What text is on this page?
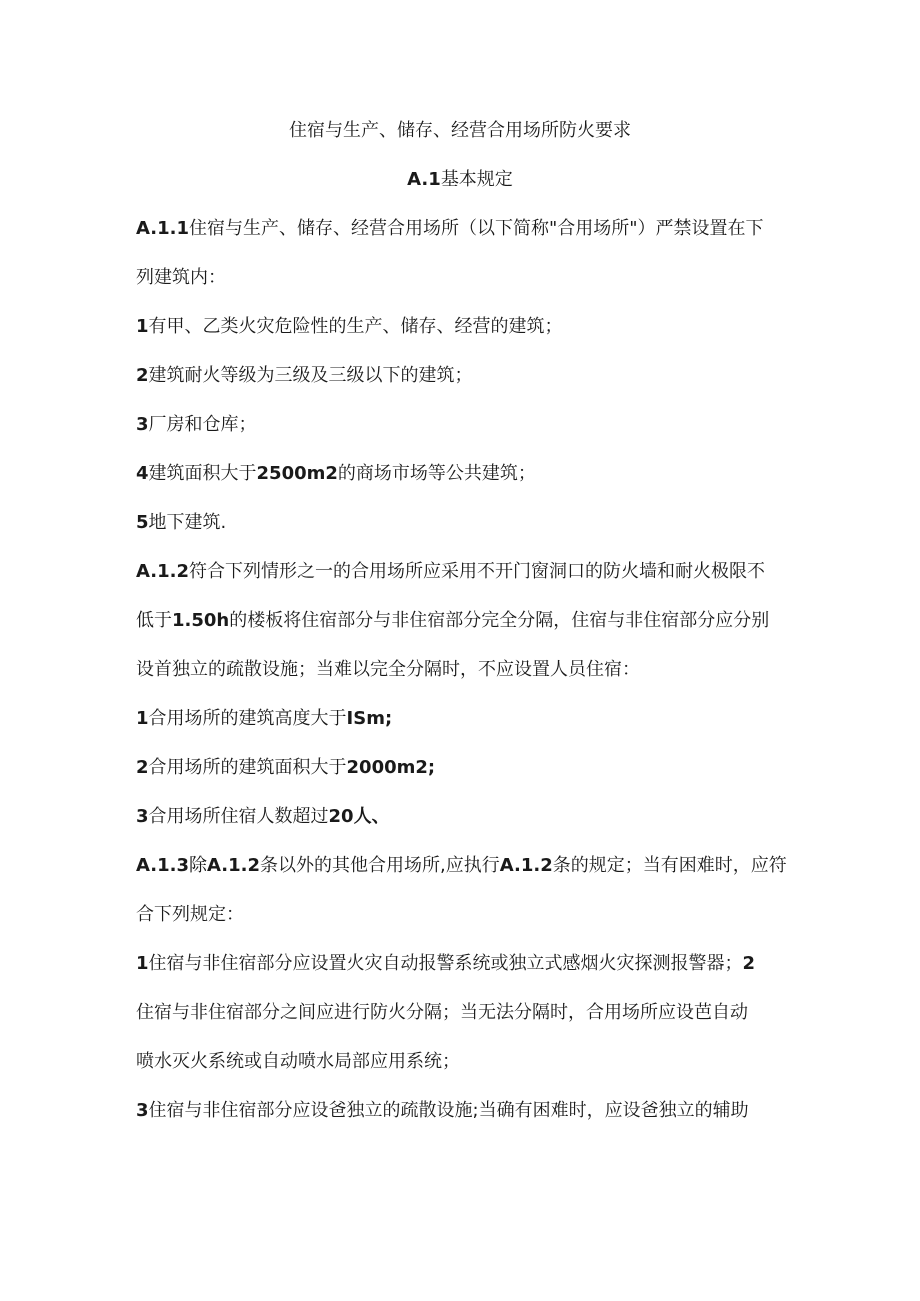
住宿与生产、储存、经营合用场所防火要求
A.1基本规定
A.1.1住宿与生产、储存、经营合用场所（以下简称"合用场所"）严禁设置在下
列建筑内：
1有甲、乙类火灾危险性的生产、储存、经营的建筑；
2建筑耐火等级为三级及三级以下的建筑；
3厂房和仓库；
4建筑面积大于2500m2的商场市场等公共建筑；
5地下建筑.
A.1.2符合下列情形之一的合用场所应采用不开门窗洞口的防火墙和耐火极限不
低于1.50h的楼板将住宿部分与非住宿部分完全分隔，住宿与非住宿部分应分别
设首独立的疏散设施；当难以完全分隔时，不应设置人员住宿：
1合用场所的建筑高度大于ISm;
2合用场所的建筑面积大于2000m2;
3合用场所住宿人数超过20人、
A.1.3除A.1.2条以外的其他合用场所,应执行A.1.2条的规定；当有困难时，应符
合下列规定：
1住宿与非住宿部分应设置火灾自动报警系统或独立式感烟火灾探测报警器；2
住宿与非住宿部分之间应进行防火分隔；当无法分隔时，合用场所应设芭自动
喷水灭火系统或自动喷水局部应用系统；
3住宿与非住宿部分应设爸独立的疏散设施;当确有困难时，应设爸独立的辅助
